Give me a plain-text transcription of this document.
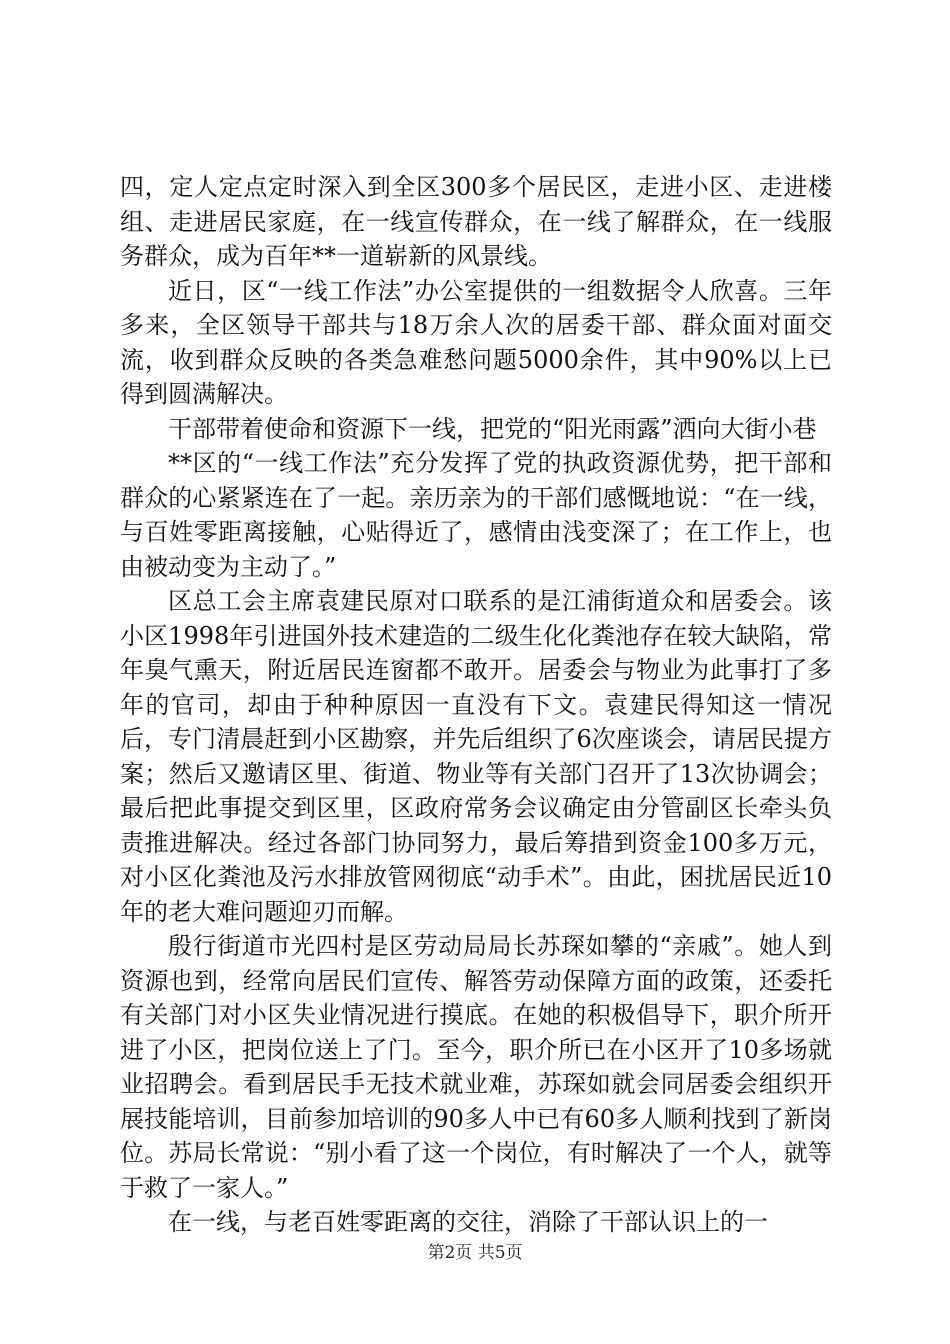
四，定人定点定时深入到全区300多个居民区，走进小区、走进楼组、走进居民家庭，在一线宣传群众，在一线了解群众，在一线服务群众，成为百年**一道崭新的风景线。

近日，区“一线工作法”办公室提供的一组数据令人欣喜。三年多来，全区领导干部共与18万余人次的居委干部、群众面对面交流，收到群众反映的各类急难愁问题5000余件，其中90%以上已得到圆满解决。

干部带着使命和资源下一线，把党的“阳光雨露”洒向大街小巷

**区的“一线工作法”充分发挥了党的执政资源优势，把干部和群众的心紧紧连在了一起。亲历亲为的干部们感慨地说：“在一线，与百姓零距离接触，心贴得近了，感情由浅变深了；在工作上，也由被动变为主动了。”

区总工会主席袁建民原对口联系的是江浦街道众和居委会。该小区1998年引进国外技术建造的二级生化化粪池存在较大缺陷，常年臭气熏天，附近居民连窗都不敢开。居委会与物业为此事打了多年的官司，却由于种种原因一直没有下文。袁建民得知这一情况后，专门清晨赶到小区勘察，并先后组织了6次座谈会，请居民提方案；然后又邀请区里、街道、物业等有关部门召开了13次协调会；最后把此事提交到区里，区政府常务会议确定由分管副区长牵头负责推进解决。经过各部门协同努力，最后筹措到资金100多万元，对小区化粪池及污水排放管网彻底“动手术”。由此，困扰居民近10年的老大难问题迎刃而解。

殷行街道市光四村是区劳动局局长苏琛如攀的“亲戚”。她人到资源也到，经常向居民们宣传、解答劳动保障方面的政策，还委托有关部门对小区失业情况进行摸底。在她的积极倡导下，职介所开进了小区，把岗位送上了门。至今，职介所已在小区开了10多场就业招聘会。看到居民手无技术就业难，苏琛如就会同居委会组织开展技能培训，目前参加培训的90多人中已有60多人顺利找到了新岗位。苏局长常说：“别小看了这一个岗位，有时解决了一个人，就等于救了一家人。”

在一线，与老百姓零距离的交往，消除了干部认识上的一

第2页 共5页
